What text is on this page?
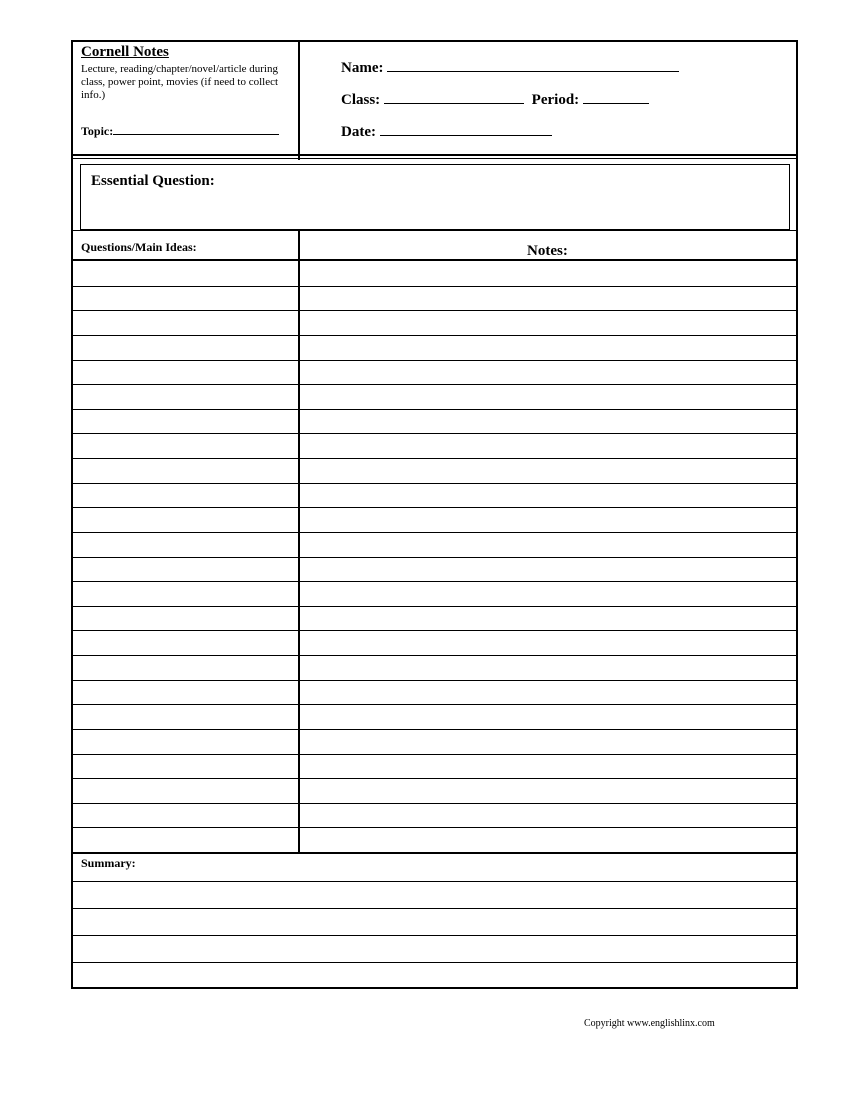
Cornell Notes
Lecture, reading/chapter/novel/article during class, power point, movies (if need to collect info.)
Topic:
Name:
Class:	Period:
Date:
Essential Question:
Questions/Main Ideas:	Notes:
Summary:
Copyright www.englishlinx.com
